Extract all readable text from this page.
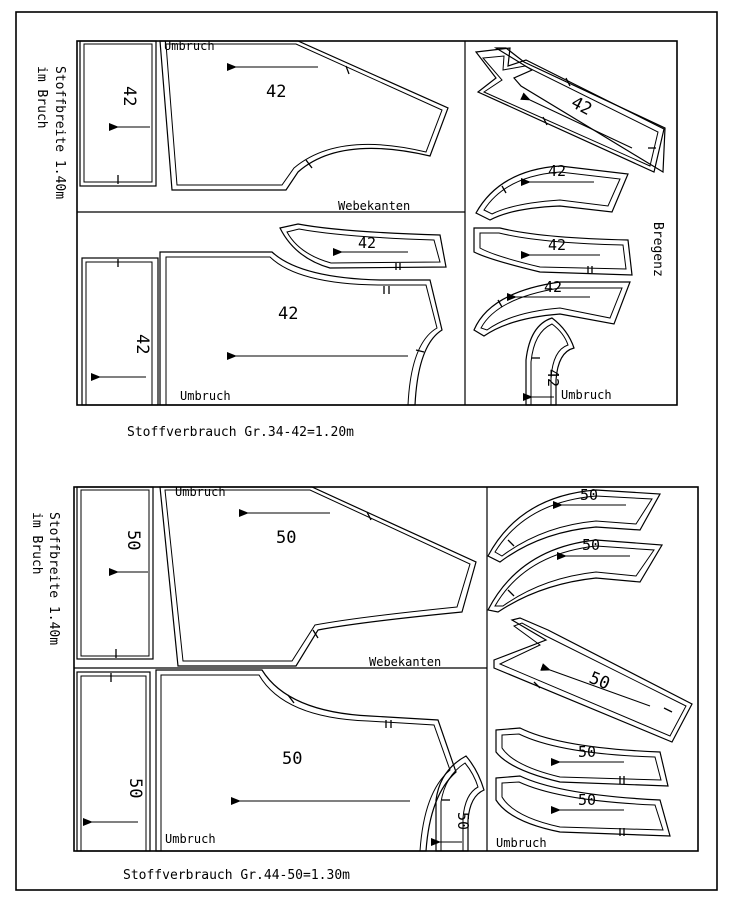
Stoffbreite 1.40m
im Bruch	42	42
Umbruch
Webekanten
42
42
Umbruch
42
42
42
42
42
42
Umbruch
Bregenz
Stoffverbrauch Gr.34-42=1.20m
Stoffbreite 1.40m
im Bruch	50	50
Umbruch
Webekanten
50
50
Umbruch
50
50
50
50
50
50
Umbruch
Stoffverbrauch Gr.44-50=1.30m
